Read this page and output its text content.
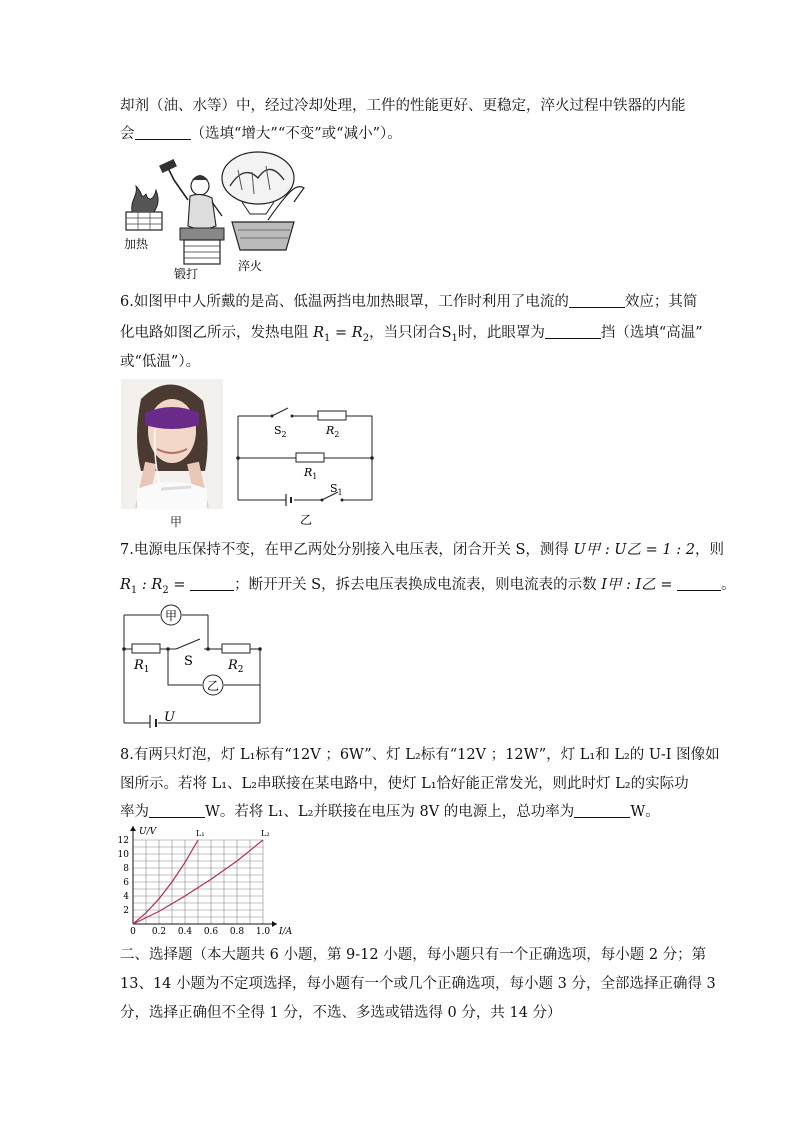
却剂（油、水等）中，经过冷却处理，工件的性能更好、更稳定，淬火过程中铁器的内能
会	（选填“增大”“不变”或“减小”）。
加热
锻打
淬火
6.如图甲中人所戴的是高、低温两挡电加热眼罩，工作时利用了电流的	效应；其简
化电路如图乙所示，发热电阻 $R_1 = R_2$，当只闭合$S_1$时，此眼罩为	挡（选填“高温”
或“低温”）。
甲
$S_2$	$R_2$
$R_1$
$S_1$
乙
7.电源电压保持不变，在甲乙两处分别接入电压表，闭合开关 S，测得 U甲 : U乙 = 1 : 2，则
$R_1$ : $R_2$ =	；断开开关 S，拆去电压表换成电流表，则电流表的示数 I甲 : I乙 =	。
甲
乙
S
$R_1$	$R_2$
U
8.有两只灯泡，灯 L₁标有“12V ；6W”、灯 L₂标有“12V ；12W”，灯 L₁和 L₂的 U-I 图像如
图所示。若将 L₁、L₂串联接在某电路中，使灯 L₁恰好能正常发光，则此时灯 L₂的实际功
率为	W。若将 L₁、L₂并联接在电压为 8V 的电源上，总功率为	W。
0 0.2 0.4 0.6 0.8 1.0
2
4
6
8
10
12
I/A
U/V	L₁	L₂
二、选择题（本大题共 6 小题，第 9-12 小题，每小题只有一个正确选项，每小题 2 分；第
13、14 小题为不定项选择，每小题有一个或几个正确选项，每小题 3 分，全部选择正确得 3
分，选择正确但不全得 1 分，不选、多选或错选得 0 分，共 14 分）
